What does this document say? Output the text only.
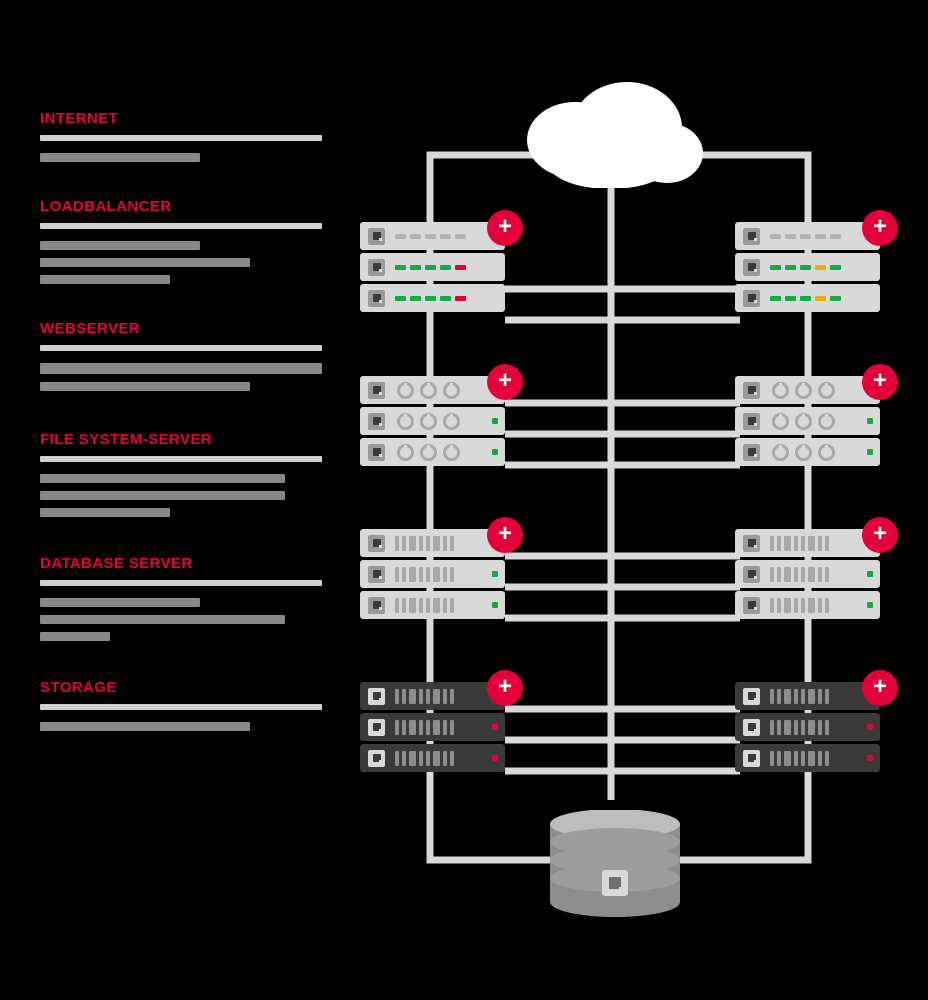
INTERNET
LOADBALANCER
WEBSERVER
FILE SYSTEM-SERVER
DATABASE SERVER
STORAGE
+	+
+	+
+	+
+	+
